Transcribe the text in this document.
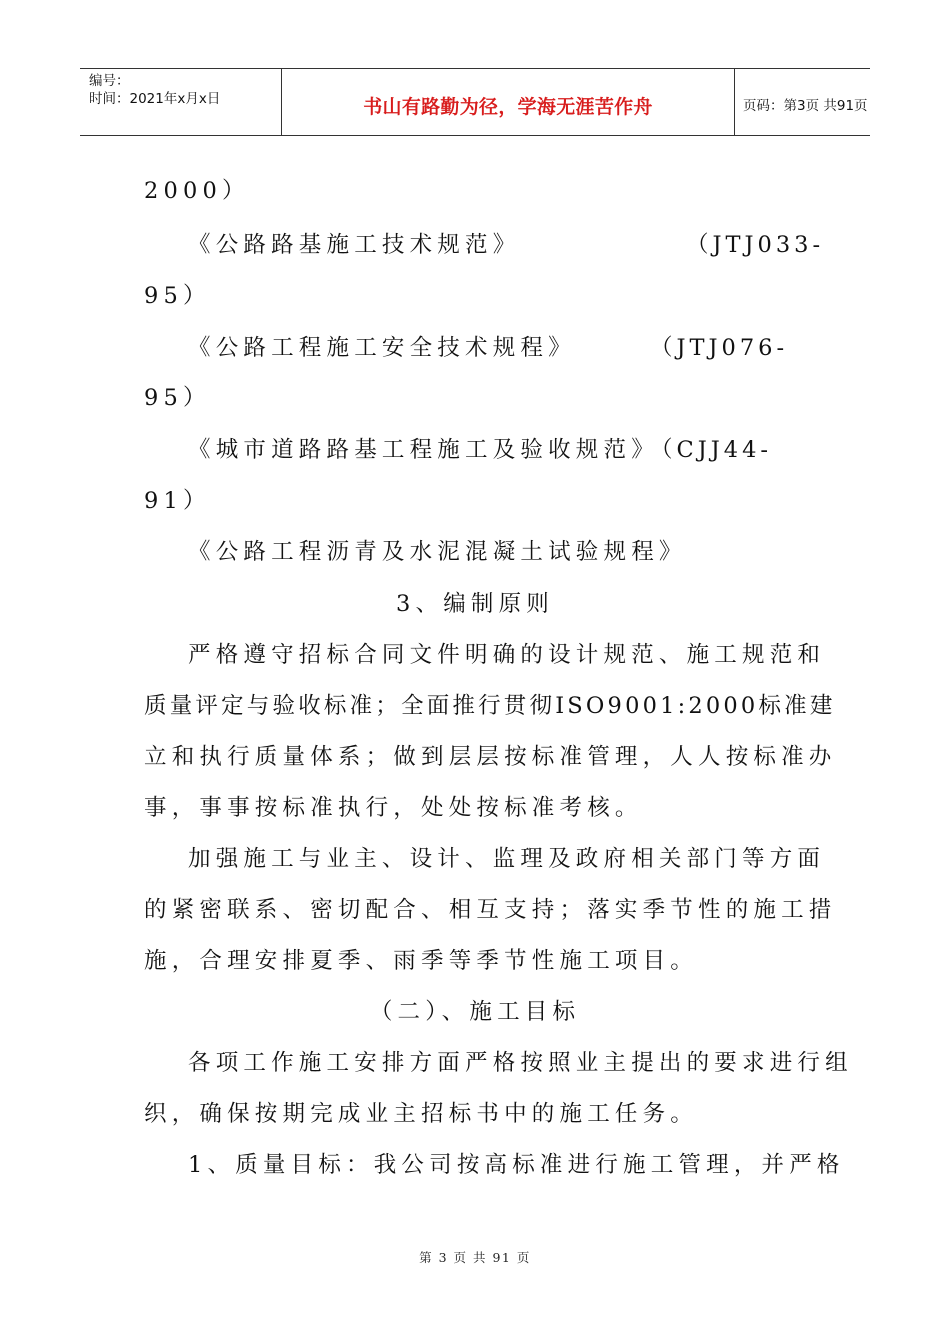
编号：
时间：2021年x月x日	书山有路勤为径，学海无涯苦作舟	页码：第3页 共91页
2000）
《公路路基施工技术规范》	（JTJ033-
95）
《公路工程施工安全技术规程》	（JTJ076-
95）
《城市道路路基工程施工及验收规范》
（CJJ44-
91）
《公路工程沥青及水泥混凝土试验规程》
3、编制原则
严格遵守招标合同文件明确的设计规范、施工规范和
质量评定与验收标准；全面推行贯彻ISO9001:2000标准建
立和执行质量体系；做到层层按标准管理，人人按标准办
事，事事按标准执行，处处按标准考核。
加强施工与业主、设计、监理及政府相关部门等方面
的紧密联系、密切配合、相互支持；落实季节性的施工措
施，合理安排夏季、雨季等季节性施工项目。
（二）、施工目标
各项工作施工安排方面严格按照业主提出的要求进行组
织，确保按期完成业主招标书中的施工任务。
1、质量目标：我公司按高标准进行施工管理，并严格
第 3 页 共 91 页
